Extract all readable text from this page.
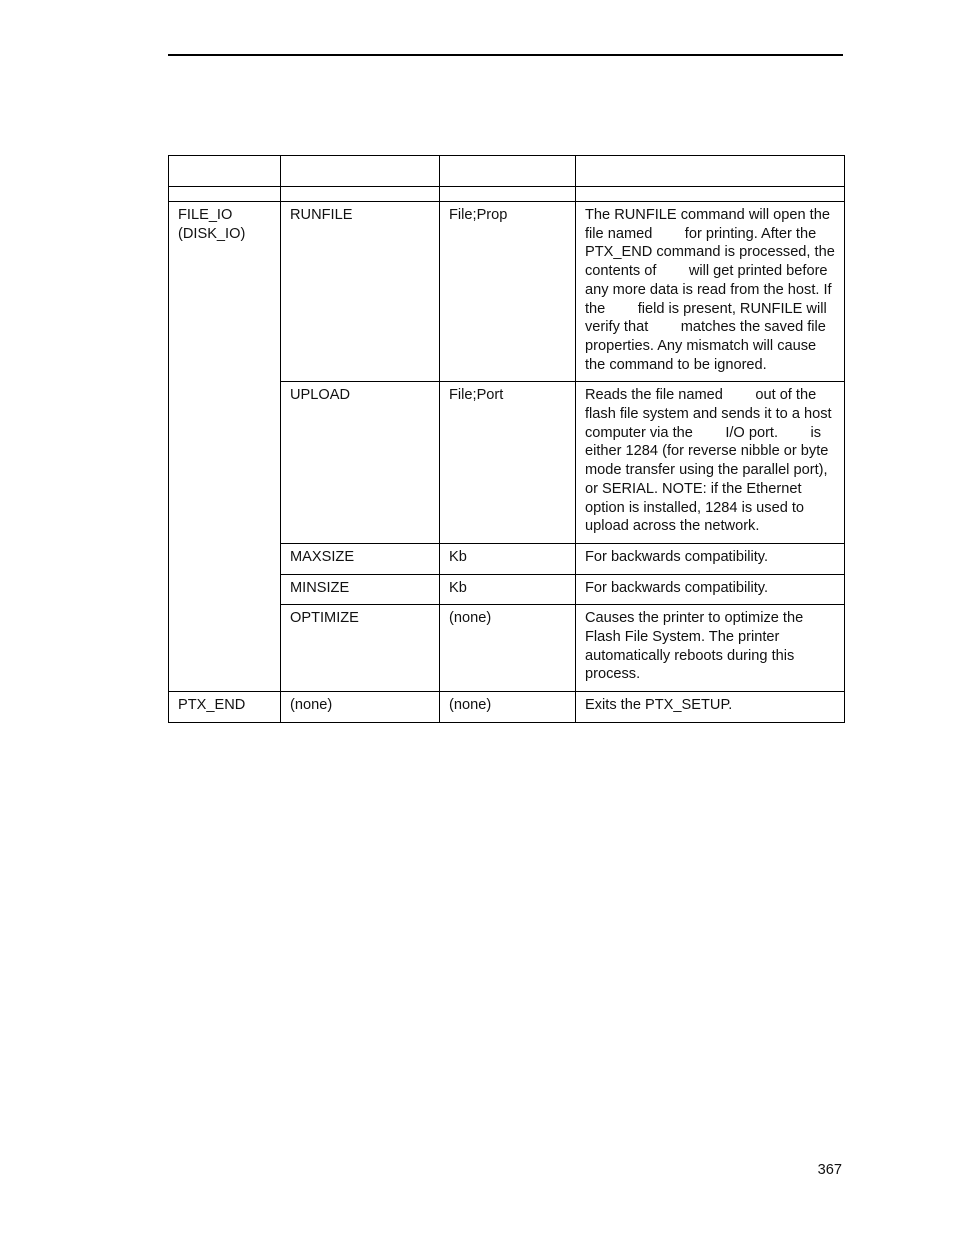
FILE_IO
(DISK_IO)	RUNFILE	File;Prop	The RUNFILE command will open the file named        for printing. After the PTX_END command is processed, the contents of        will get printed before any more data is read from the host. If the        field is present, RUNFILE will verify that        matches the saved file properties. Any mismatch will cause the command to be ignored.
	UPLOAD	File;Port	Reads the file named        out of the flash file system and sends it to a host computer via the        I/O port.        is either 1284 (for reverse nibble or byte mode transfer using the parallel port), or SERIAL. NOTE: if the Ethernet option is installed, 1284 is used to upload across the network.
	MAXSIZE	Kb	For backwards compatibility.
	MINSIZE	Kb	For backwards compatibility.
	OPTIMIZE	(none)	Causes the printer to optimize the Flash File System. The printer automatically reboots during this process.
PTX_END	(none)	(none)	Exits the PTX_SETUP.
367
